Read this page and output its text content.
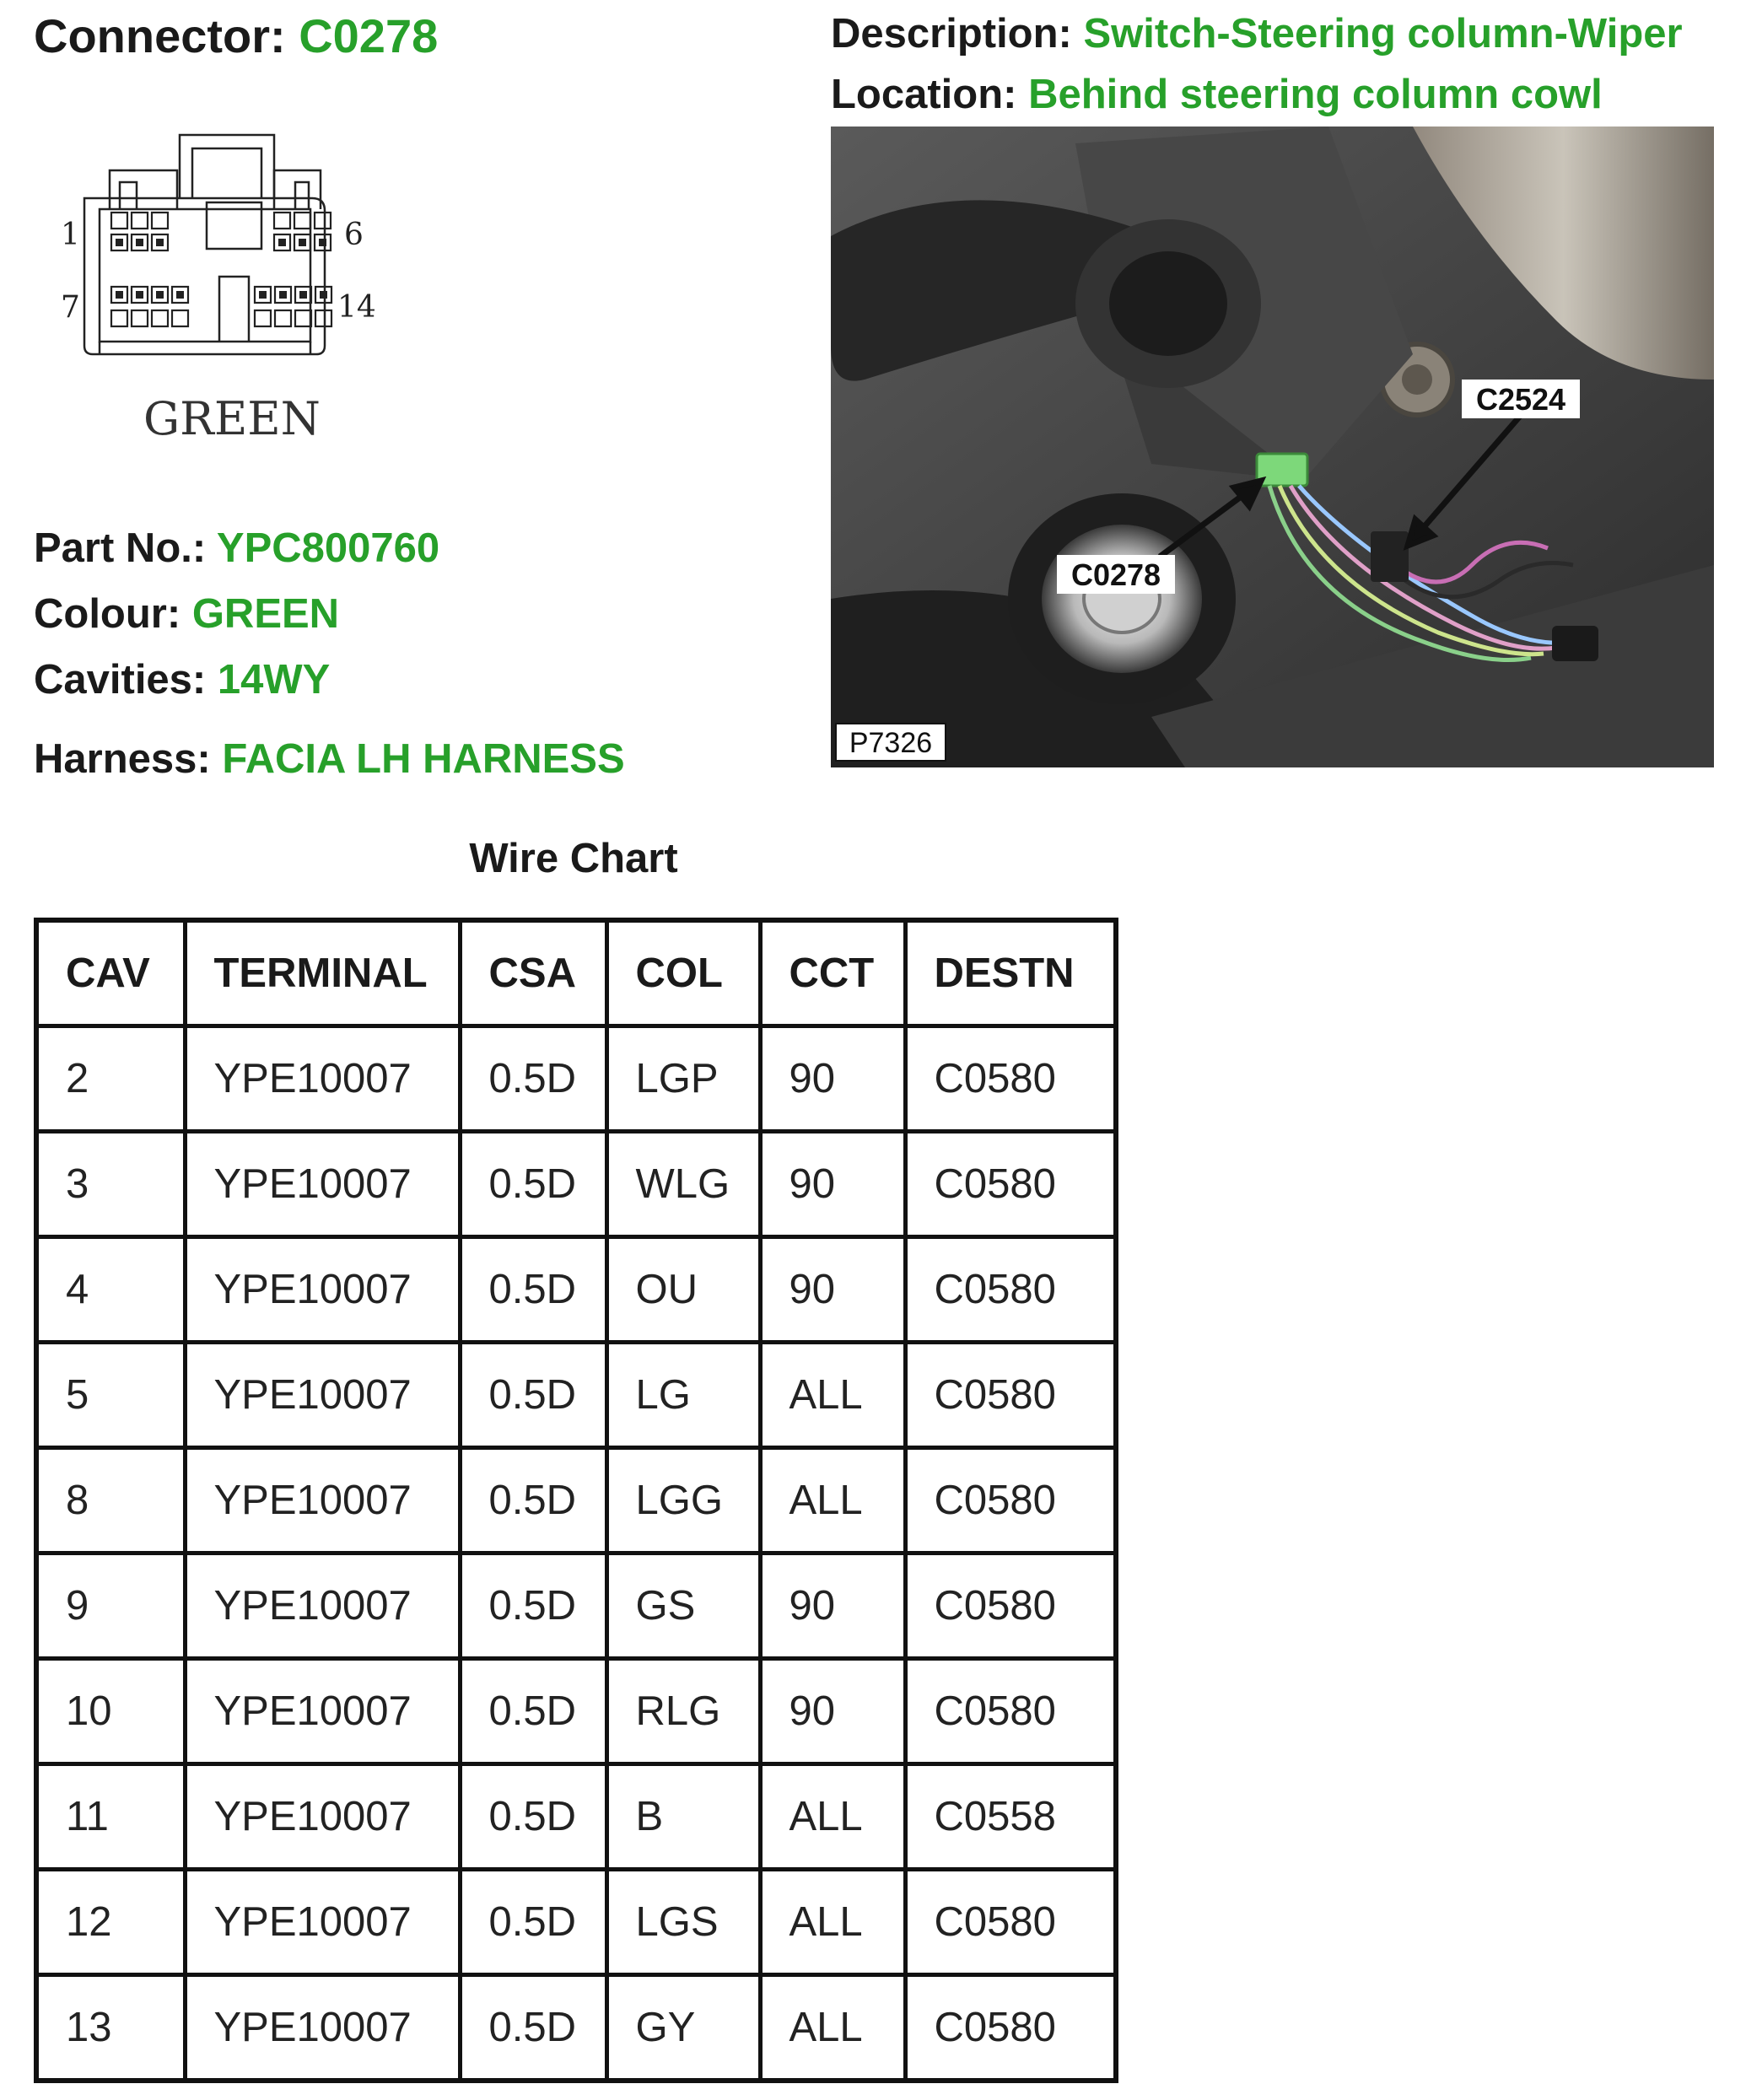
Connector: C0278	Description: Switch-Steering column-Wiper
Location: Behind steering column cowl
1	6
7	14
GREEN
Part No.: YPC800760
Colour: GREEN
Cavities: 14WY
Harness: FACIA LH HARNESS
C0278
C2524
P7326
Wire Chart
CAV	TERMINAL	CSA	COL	CCT	DESTN
2	YPE10007	0.5D	LGP	90	C0580
3	YPE10007	0.5D	WLG	90	C0580
4	YPE10007	0.5D	OU	90	C0580
5	YPE10007	0.5D	LG	ALL	C0580
8	YPE10007	0.5D	LGG	ALL	C0580
9	YPE10007	0.5D	GS	90	C0580
10	YPE10007	0.5D	RLG	90	C0580
11	YPE10007	0.5D	B	ALL	C0558
12	YPE10007	0.5D	LGS	ALL	C0580
13	YPE10007	0.5D	GY	ALL	C0580
